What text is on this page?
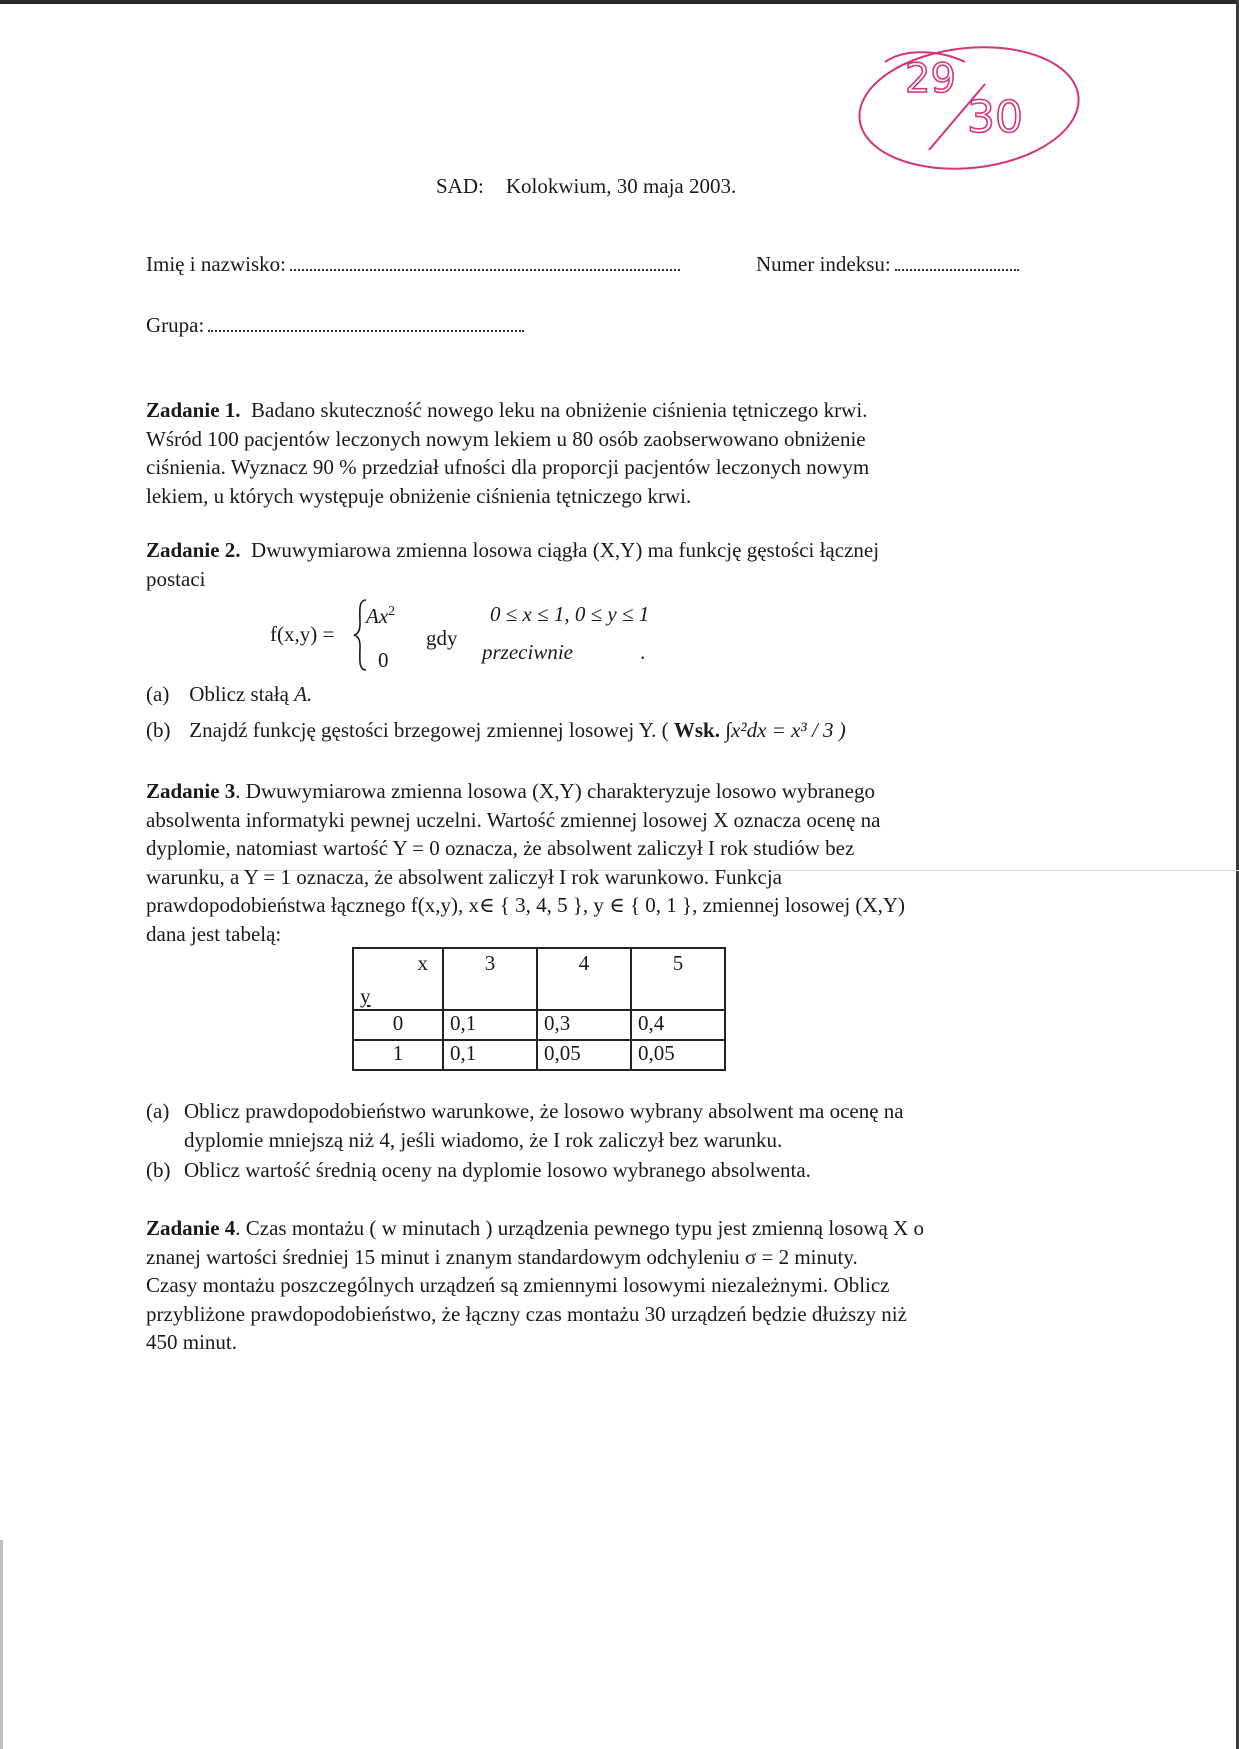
29
30
SAD: Kolokwium, 30 maja 2003.
Imię i nazwisko:	Numer indeksu:
Grupa:
Zadanie 1. Badano skuteczność nowego leku na obniżenie ciśnienia tętniczego krwi.
Wśród 100 pacjentów leczonych nowym lekiem u 80 osób zaobserwowano obniżenie
ciśnienia. Wyznacz 90 % przedział ufności dla proporcji pacjentów leczonych nowym
lekiem, u których występuje obniżenie ciśnienia tętniczego krwi.
Zadanie 2. Dwuwymiarowa zmienna losowa ciągła (X,Y) ma funkcję gęstości łącznej
postaci
f(x,y) =
$Ax^2$
0
gdy
0 ≤ x ≤ 1, 0 ≤ y ≤ 1
przeciwnie	.
(a) Oblicz stałą A.
(b) Znajdź funkcję gęstości brzegowej zmiennej losowej Y. ( Wsk. ∫x²dx = x³ / 3 )
Zadanie 3. Dwuwymiarowa zmienna losowa (X,Y) charakteryzuje losowo wybranego
absolwenta informatyki pewnej uczelni. Wartość zmiennej losowej X oznacza ocenę na
dyplomie, natomiast wartość Y = 0 oznacza, że absolwent zaliczył I rok studiów bez
warunku, a Y = 1 oznacza, że absolwent zaliczył I rok warunkowo. Funkcja
prawdopodobieństwa łącznego f(x,y), x∈ { 3, 4, 5 }, y ∈ { 0, 1 }, zmiennej losowej (X,Y)
dana jest tabelą:
x
y	3	4	5
0	0,1	0,3	0,4
1	0,1	0,05	0,05
(a) Oblicz prawdopodobieństwo warunkowe, że losowo wybrany absolwent ma ocenę na
dyplomie mniejszą niż 4, jeśli wiadomo, że I rok zaliczył bez warunku.
(b) Oblicz wartość średnią oceny na dyplomie losowo wybranego absolwenta.
Zadanie 4. Czas montażu ( w minutach ) urządzenia pewnego typu jest zmienną losową X o
znanej wartości średniej 15 minut i znanym standardowym odchyleniu σ = 2 minuty.
Czasy montażu poszczególnych urządzeń są zmiennymi losowymi niezależnymi. Oblicz
przybliżone prawdopodobieństwo, że łączny czas montażu 30 urządzeń będzie dłuższy niż
450 minut.
